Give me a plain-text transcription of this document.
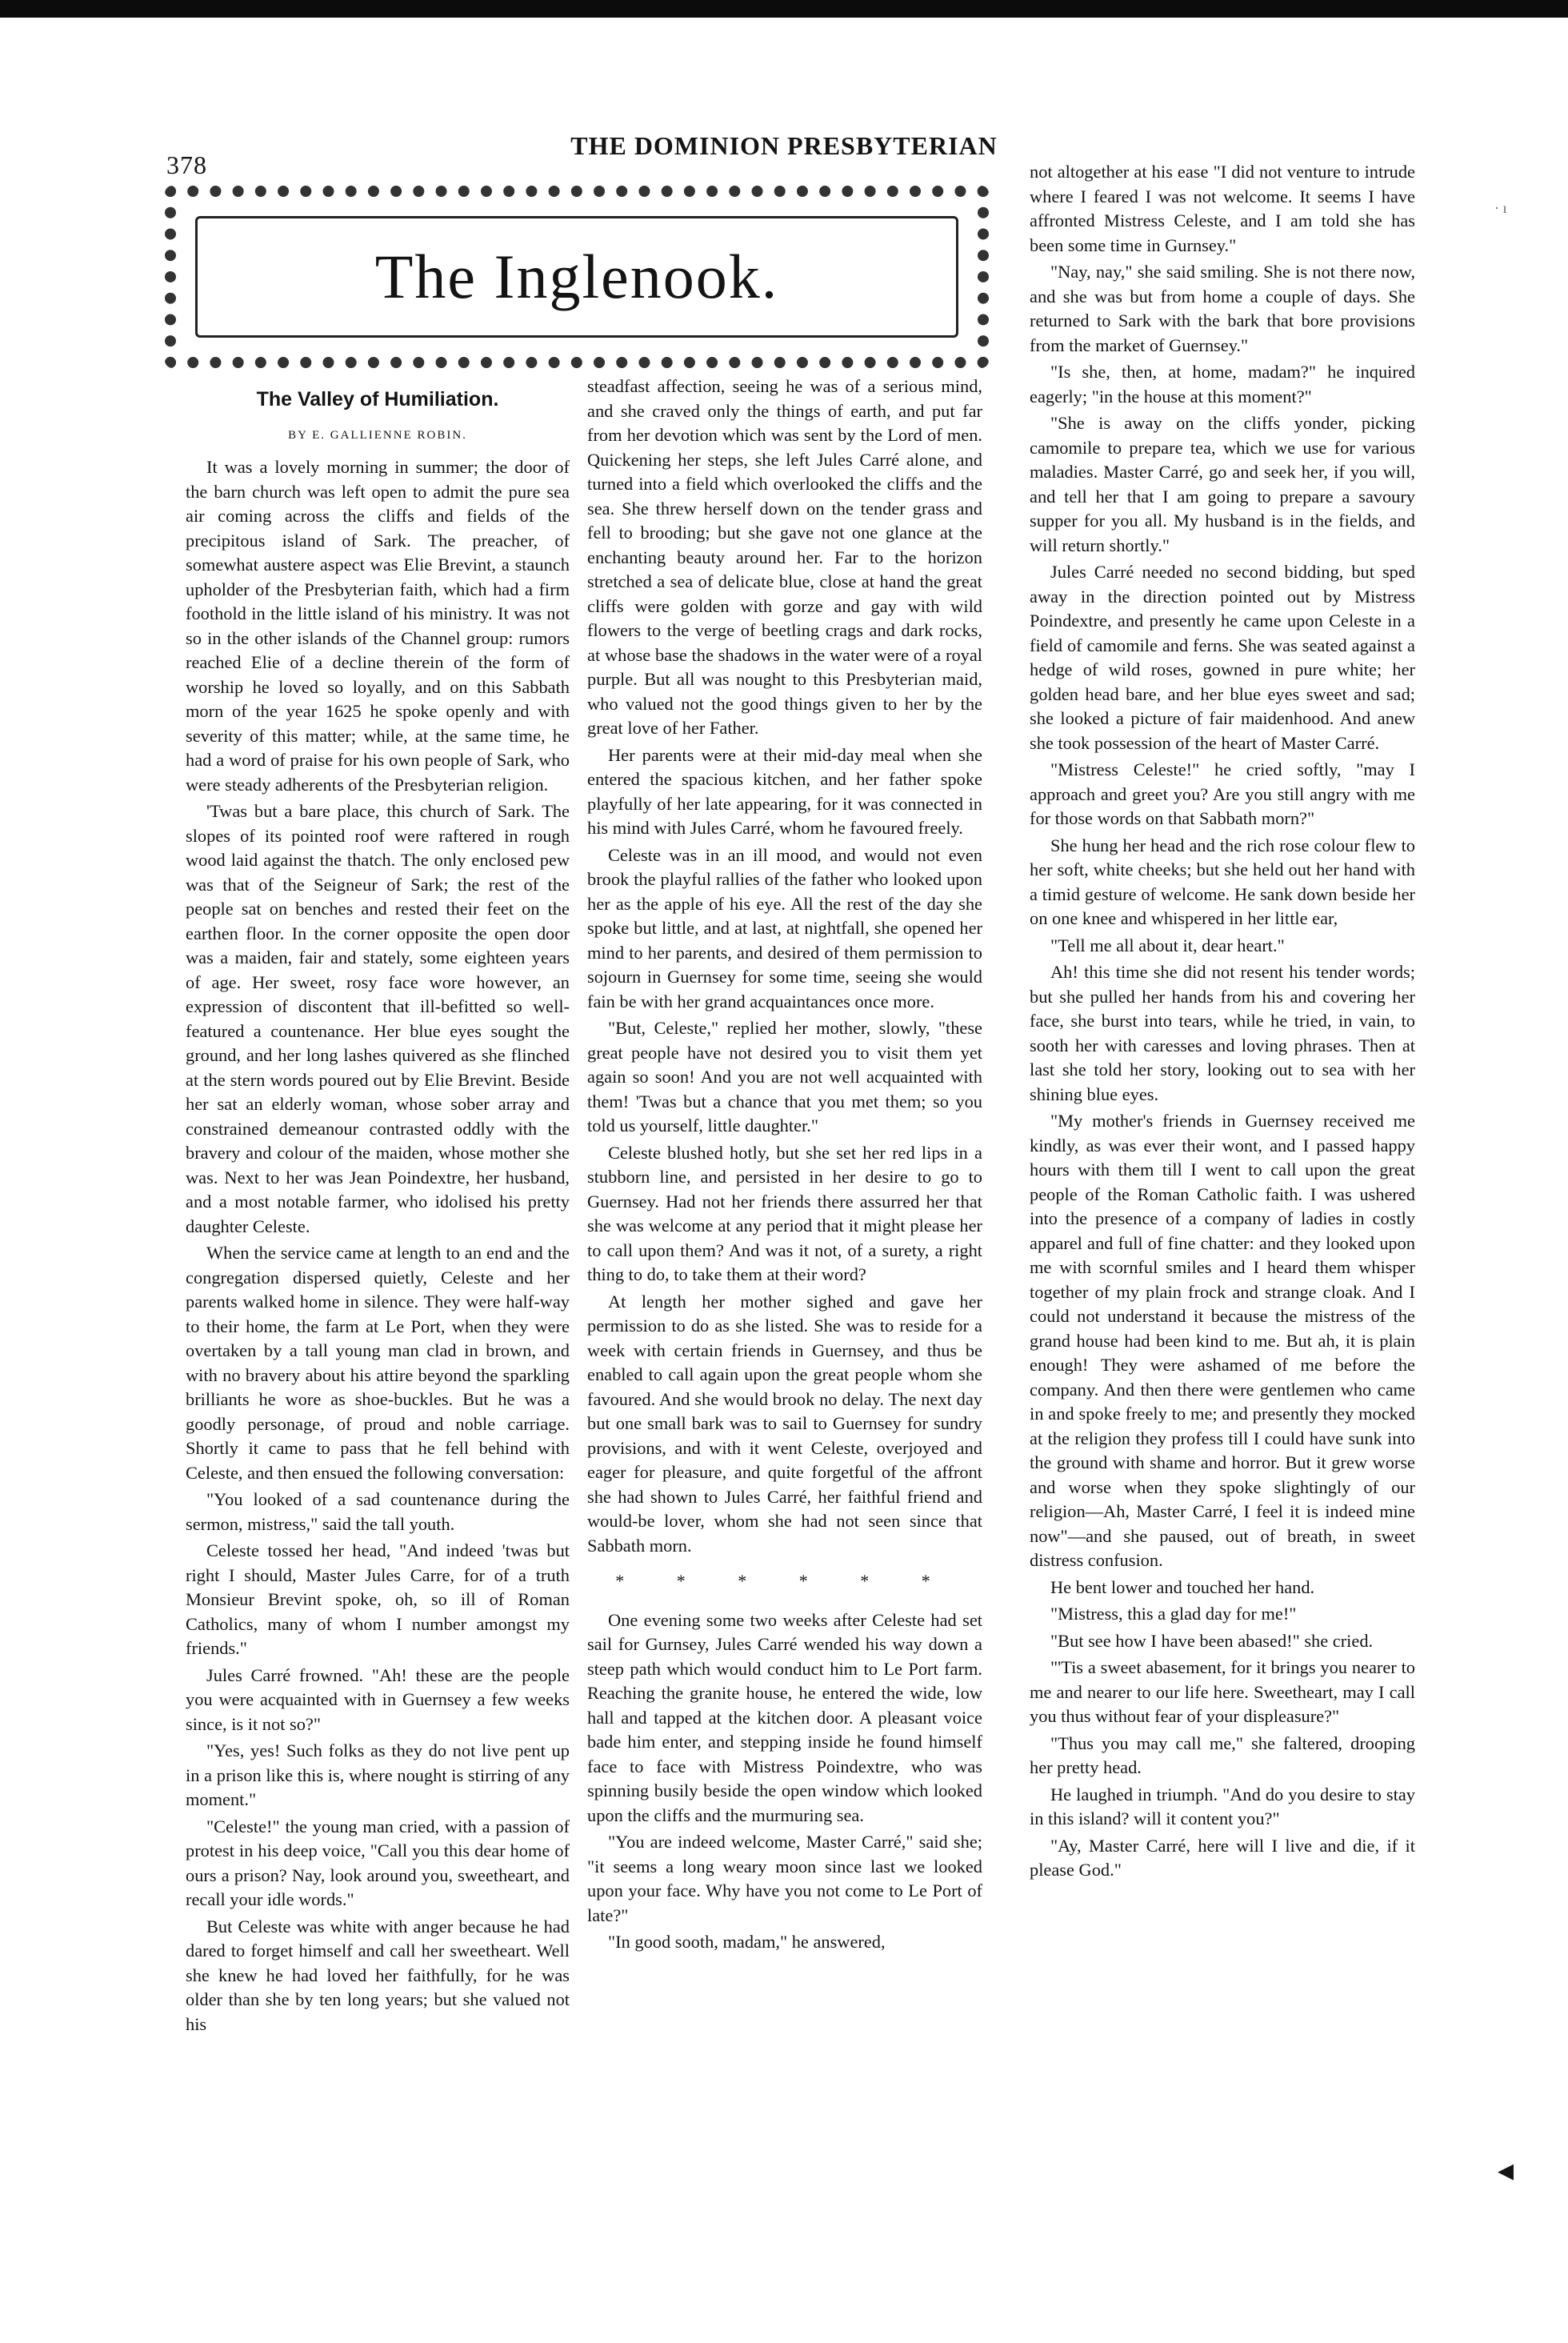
378
THE DOMINION PRESBYTERIAN
The Inglenook.
The Valley of Humiliation.
BY E. GALLIENNE ROBIN.

It was a lovely morning in summer; the door of the barn church was left open to admit the pure sea air coming across the cliffs and fields of the precipitous island of Sark. The preacher, of somewhat austere aspect was Elie Brevint, a staunch upholder of the Presbyterian faith, which had a firm foothold in the little island of his ministry. It was not so in the other islands of the Channel group: rumors reached Elie of a decline therein of the form of worship he loved so loyally, and on this Sabbath morn of the year 1625 he spoke openly and with severity of this matter; while, at the same time, he had a word of praise for his own people of Sark, who were steady adherents of the Presbyterian religion.

'Twas but a bare place, this church of Sark. The slopes of its pointed roof were raftered in rough wood laid against the thatch. The only enclosed pew was that of the Seigneur of Sark; the rest of the people sat on benches and rested their feet on the earthen floor. In the corner opposite the open door was a maiden, fair and stately, some eighteen years of age. Her sweet, rosy face wore however, an expression of discontent that ill-befitted so well-featured a countenance. Her blue eyes sought the ground, and her long lashes quivered as she flinched at the stern words poured out by Elie Brevint. Beside her sat an elderly woman, whose sober array and constrained demeanour contrasted oddly with the bravery and colour of the maiden, whose mother she was. Next to her was Jean Poindextre, her husband, and a most notable farmer, who idolised his pretty daughter Celeste.

When the service came at length to an end and the congregation dispersed quietly, Celeste and her parents walked home in silence. They were half-way to their home, the farm at Le Port, when they were overtaken by a tall young man clad in brown, and with no bravery about his attire beyond the sparkling brilliants he wore as shoe-buckles. But he was a goodly personage, of proud and noble carriage. Shortly it came to pass that he fell behind with Celeste, and then ensued the following conversation:

"You looked of a sad countenance during the sermon, mistress," said the tall youth.

Celeste tossed her head, "And indeed 'twas but right I should, Master Jules Carre, for of a truth Monsieur Brevint spoke, oh, so ill of Roman Catholics, many of whom I number amongst my friends."

Jules Carré frowned. "Ah! these are the people you were acquainted with in Guernsey a few weeks since, is it not so?"

"Yes, yes! Such folks as they do not live pent up in a prison like this is, where nought is stirring of any moment."

"Celeste!" the young man cried, with a passion of protest in his deep voice, "Call you this dear home of ours a prison? Nay, look around you, sweetheart, and recall your idle words."

But Celeste was white with anger because he had dared to forget himself and call her sweetheart. Well she knew he had loved her faithfully, for he was older than she by ten long years; but she valued not his

steadfast affection, seeing he was of a serious mind, and she craved only the things of earth, and put far from her devotion which was sent by the Lord of men. Quickening her steps, she left Jules Carré alone, and turned into a field which overlooked the cliffs and the sea. She threw herself down on the tender grass and fell to brooding; but she gave not one glance at the enchanting beauty around her. Far to the horizon stretched a sea of delicate blue, close at hand the great cliffs were golden with gorze and gay with wild flowers to the verge of beetling crags and dark rocks, at whose base the shadows in the water were of a royal purple. But all was nought to this Presbyterian maid, who valued not the good things given to her by the great love of her Father.

Her parents were at their mid-day meal when she entered the spacious kitchen, and her father spoke playfully of her late appearing, for it was connected in his mind with Jules Carré, whom he favoured freely.

Celeste was in an ill mood, and would not even brook the playful rallies of the father who looked upon her as the apple of his eye. All the rest of the day she spoke but little, and at last, at nightfall, she opened her mind to her parents, and desired of them permission to sojourn in Guernsey for some time, seeing she would fain be with her grand acquaintances once more.

"But, Celeste," replied her mother, slowly, "these great people have not desired you to visit them yet again so soon! And you are not well acquainted with them! 'Twas but a chance that you met them; so you told us yourself, little daughter."

Celeste blushed hotly, but she set her red lips in a stubborn line, and persisted in her desire to go to Guernsey. Had not her friends there assurred her that she was welcome at any period that it might please her to call upon them? And was it not, of a surety, a right thing to do, to take them at their word?

At length her mother sighed and gave her permission to do as she listed. She was to reside for a week with certain friends in Guernsey, and thus be enabled to call again upon the great people whom she favoured. And she would brook no delay. The next day but one small bark was to sail to Guernsey for sundry provisions, and with it went Celeste, overjoyed and eager for pleasure, and quite forgetful of the affront she had shown to Jules Carré, her faithful friend and would-be lover, whom she had not seen since that Sabbath morn.

* * * * * *

One evening some two weeks after Celeste had set sail for Gurnsey, Jules Carré wended his way down a steep path which would conduct him to Le Port farm. Reaching the granite house, he entered the wide, low hall and tapped at the kitchen door. A pleasant voice bade him enter, and stepping inside he found himself face to face with Mistress Poindextre, who was spinning busily beside the open window which looked upon the cliffs and the murmuring sea.

"You are indeed welcome, Master Carré," said she; "it seems a long weary moon since last we looked upon your face. Why have you not come to Le Port of late?"

"In good sooth, madam," he answered,

not altogether at his ease "I did not venture to intrude where I feared I was not welcome. It seems I have affronted Mistress Celeste, and I am told she has been some time in Gurnsey."

"Nay, nay," she said smiling. She is not there now, and she was but from home a couple of days. She returned to Sark with the bark that bore provisions from the market of Guernsey."

"Is she, then, at home, madam?" he inquired eagerly; "in the house at this moment?"

"She is away on the cliffs yonder, picking camomile to prepare tea, which we use for various maladies. Master Carré, go and seek her, if you will, and tell her that I am going to prepare a savoury supper for you all. My husband is in the fields, and will return shortly."

Jules Carré needed no second bidding, but sped away in the direction pointed out by Mistress Poindextre, and presently he came upon Celeste in a field of camomile and ferns. She was seated against a hedge of wild roses, gowned in pure white; her golden head bare, and her blue eyes sweet and sad; she looked a picture of fair maidenhood. And anew she took possession of the heart of Master Carré.

"Mistress Celeste!" he cried softly, "may I approach and greet you? Are you still angry with me for those words on that Sabbath morn?"

She hung her head and the rich rose colour flew to her soft, white cheeks; but she held out her hand with a timid gesture of welcome. He sank down beside her on one knee and whispered in her little ear,

"Tell me all about it, dear heart."

Ah! this time she did not resent his tender words; but she pulled her hands from his and covering her face, she burst into tears, while he tried, in vain, to sooth her with caresses and loving phrases. Then at last she told her story, looking out to sea with her shining blue eyes.

"My mother's friends in Guernsey received me kindly, as was ever their wont, and I passed happy hours with them till I went to call upon the great people of the Roman Catholic faith. I was ushered into the presence of a company of ladies in costly apparel and full of fine chatter: and they looked upon me with scornful smiles and I heard them whisper together of my plain frock and strange cloak. And I could not understand it because the mistress of the grand house had been kind to me. But ah, it is plain enough! They were ashamed of me before the company. And then there were gentlemen who came in and spoke freely to me; and presently they mocked at the religion they profess till I could have sunk into the ground with shame and horror. But it grew worse and worse when they spoke slightingly of our religion—Ah, Master Carré, I feel it is indeed mine now"—and she paused, out of breath, in sweet distress confusion.

He bent lower and touched her hand.

"Mistress, this a glad day for me!"

"But see how I have been abased!" she cried.

"'Tis a sweet abasement, for it brings you nearer to me and nearer to our life here. Sweetheart, may I call you thus without fear of your displeasure?"

"Thus you may call me," she faltered, drooping her pretty head.

He laughed in triumph. "And do you desire to stay in this island? will it content you?"

"Ay, Master Carré, here will I live and die, if it please God."

· ı
◂
